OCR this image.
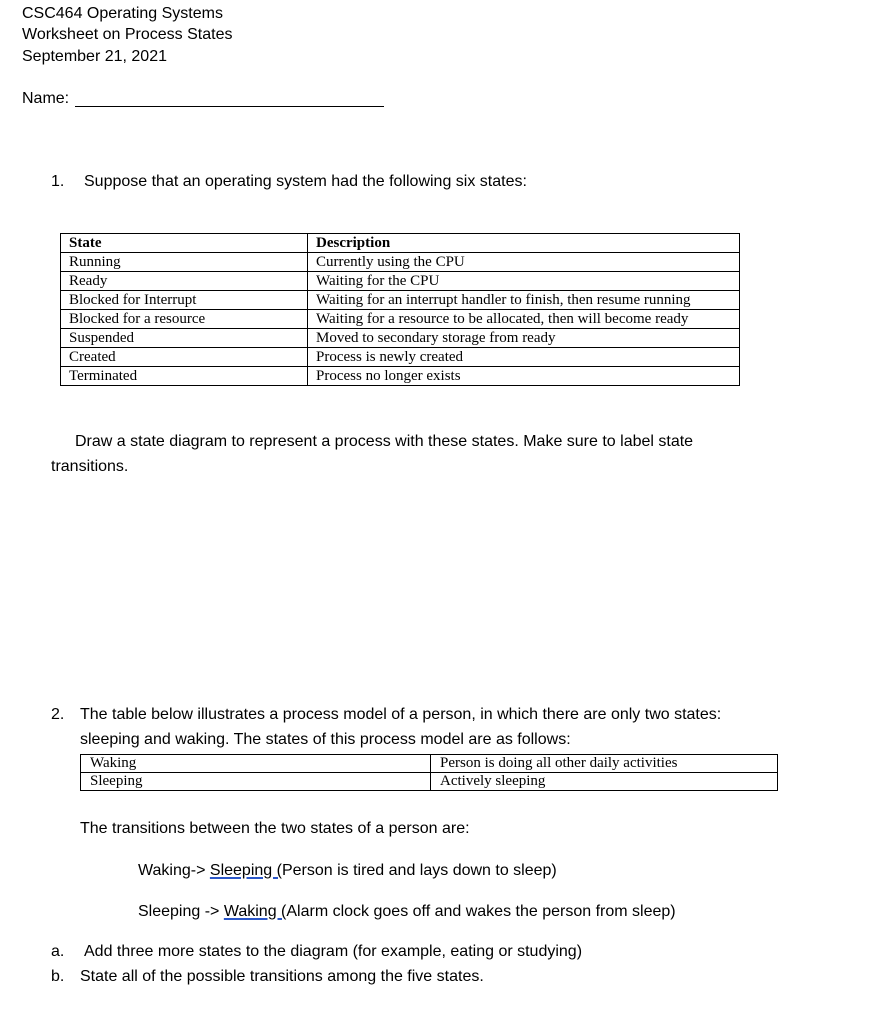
CSC464 Operating Systems
Worksheet on Process States
September 21, 2021
Name:
1. Suppose that an operating system had the following six states:
State	Description
Running	Currently using the CPU
Ready	Waiting for the CPU
Blocked for Interrupt	Waiting for an interrupt handler to finish, then resume running
Blocked for a resource	Waiting for a resource to be allocated, then will become ready
Suspended	Moved to secondary storage from ready
Created	Process is newly created
Terminated	Process no longer exists
Draw a state diagram to represent a process with these states. Make sure to label state
transitions.
2. The table below illustrates a process model of a person, in which there are only two states:
sleeping and waking. The states of this process model are as follows:
Waking	Person is doing all other daily activities
Sleeping	Actively sleeping
The transitions between the two states of a person are:
Waking-> Sleeping (Person is tired and lays down to sleep)
Sleeping -> Waking (Alarm clock goes off and wakes the person from sleep)
a. Add three more states to the diagram (for example, eating or studying)
b. State all of the possible transitions among the five states.
